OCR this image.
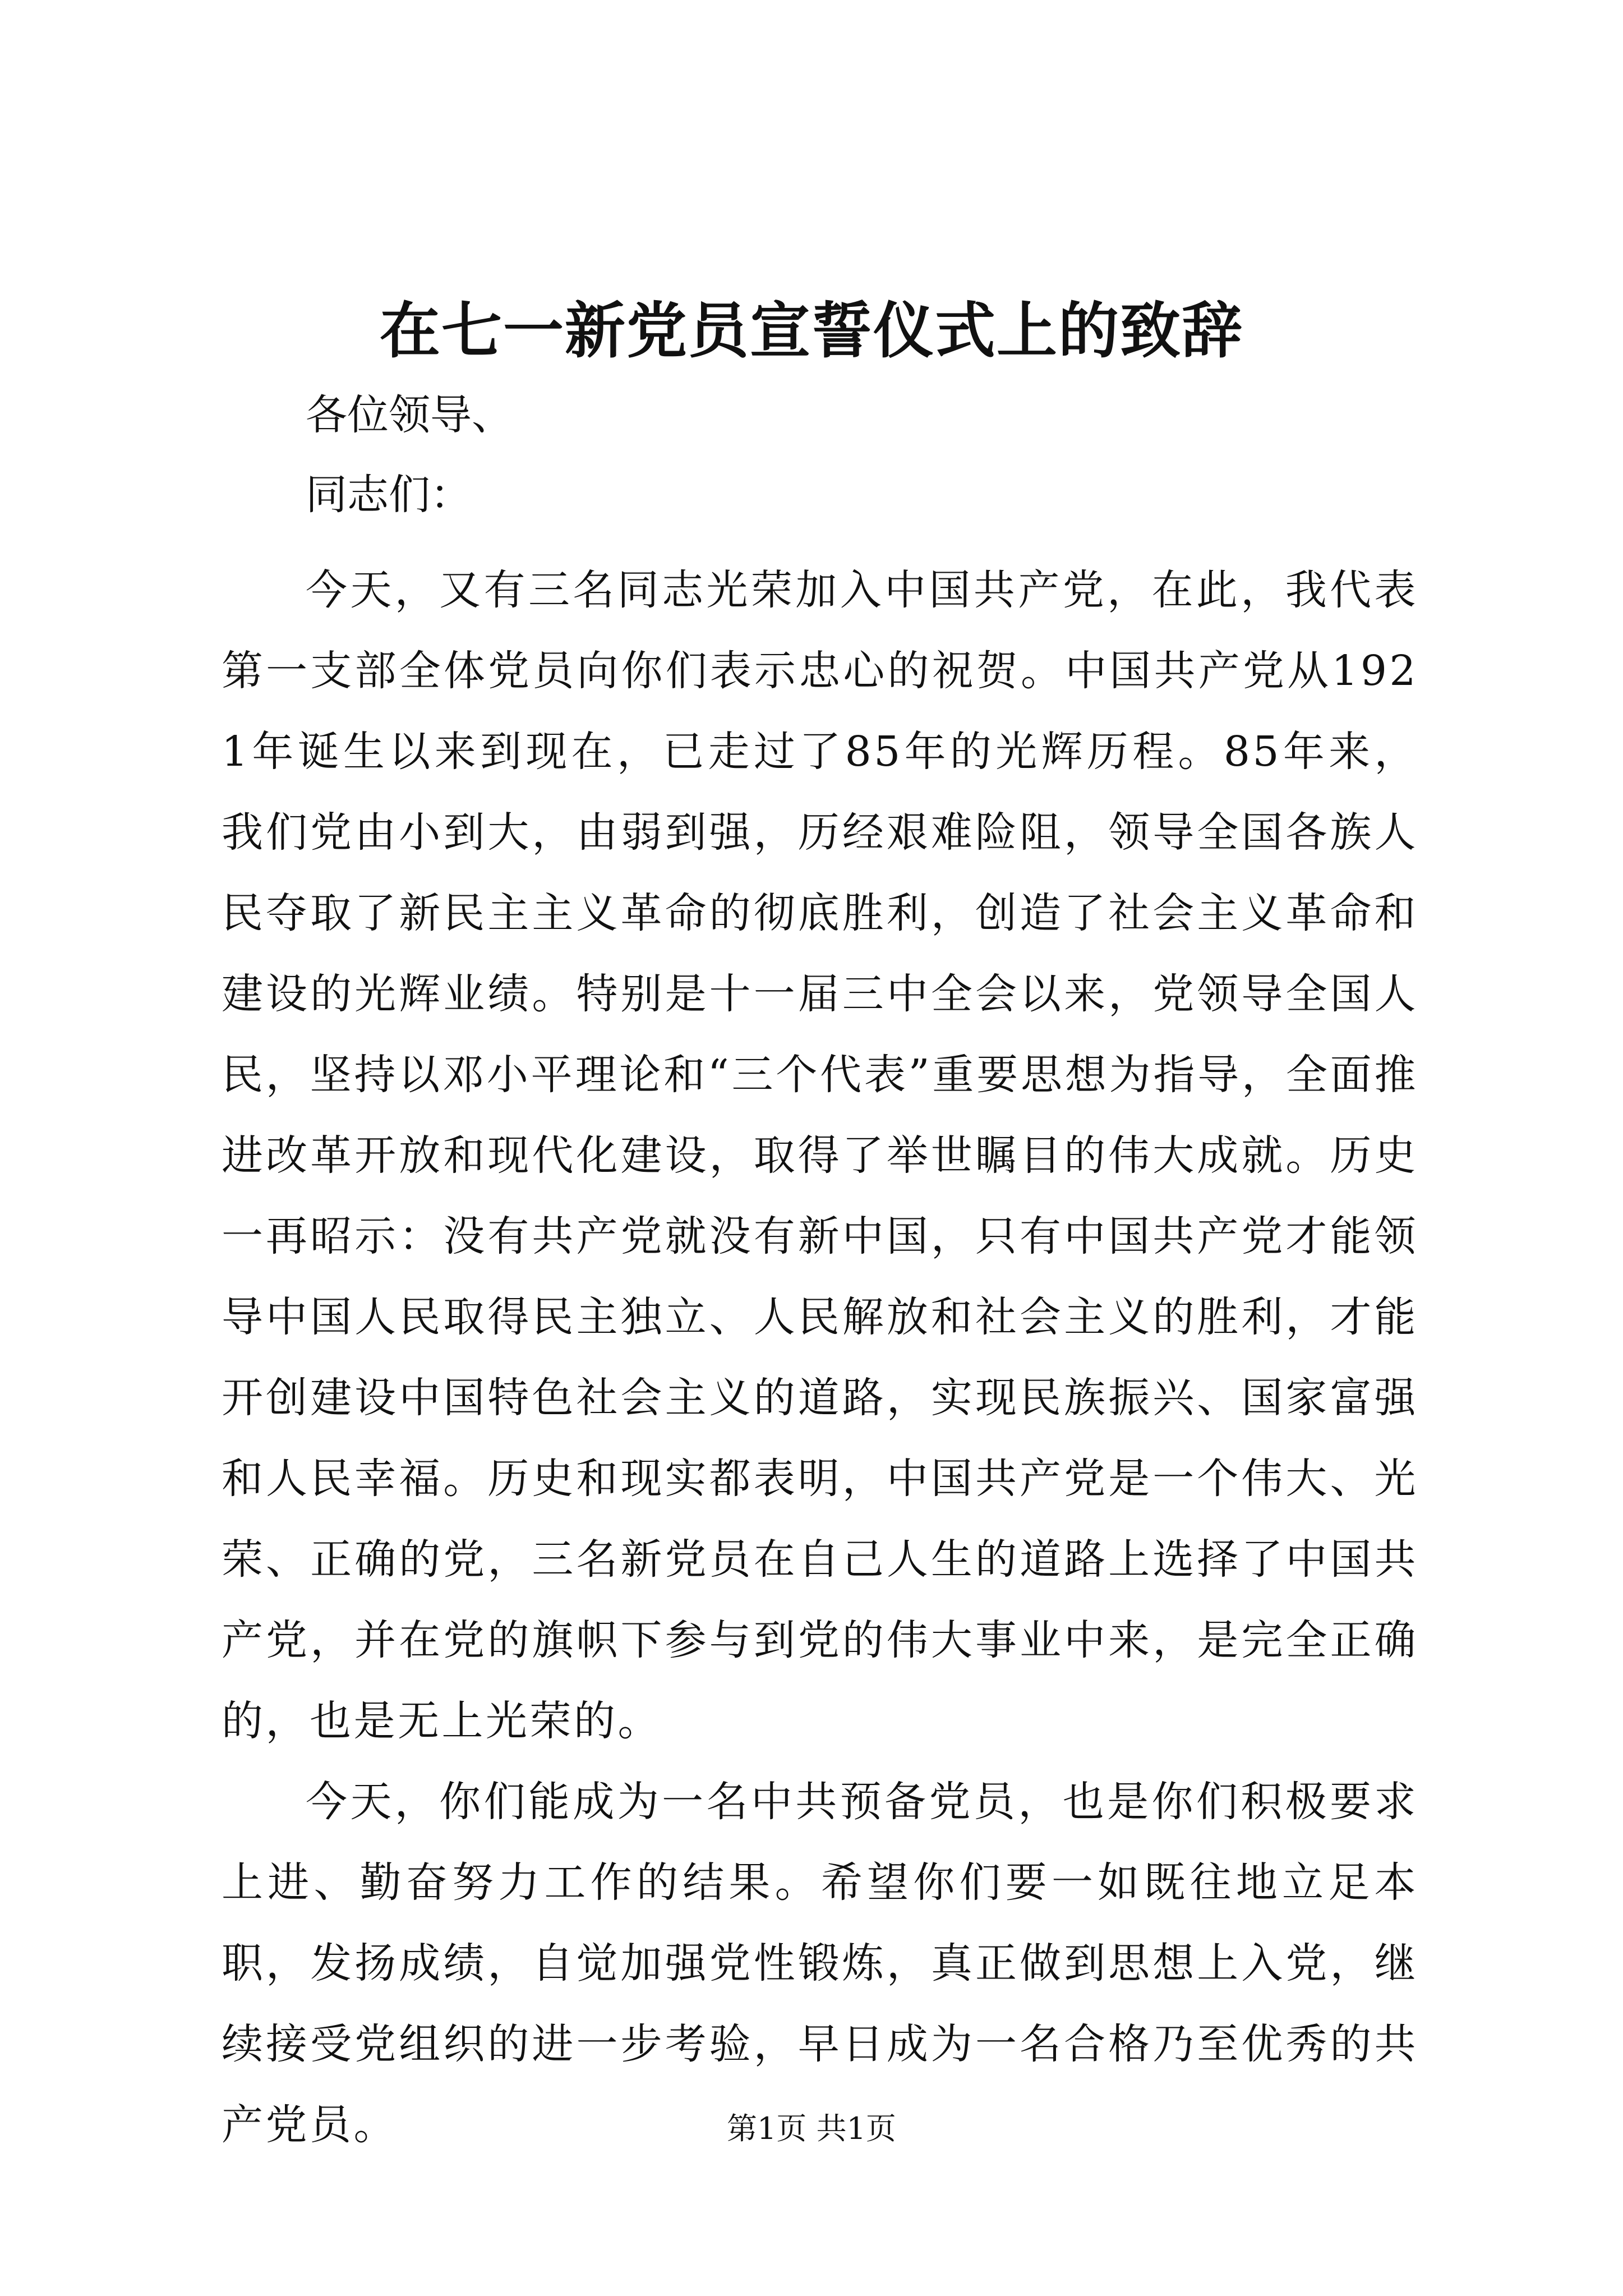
在七一新党员宣誓仪式上的致辞

各位领导、

同志们：

今天，又有三名同志光荣加入中国共产党，在此，我代表第一支部全体党员向你们表示忠心的祝贺。中国共产党从1921年诞生以来到现在，已走过了85年的光辉历程。85年来，我们党由小到大，由弱到强，历经艰难险阻，领导全国各族人民夺取了新民主主义革命的彻底胜利，创造了社会主义革命和建设的光辉业绩。特别是十一届三中全会以来，党领导全国人民，坚持以邓小平理论和“三个代表”重要思想为指导，全面推进改革开放和现代化建设，取得了举世瞩目的伟大成就。历史一再昭示：没有共产党就没有新中国，只有中国共产党才能领导中国人民取得民主独立、人民解放和社会主义的胜利，才能开创建设中国特色社会主义的道路，实现民族振兴、国家富强和人民幸福。历史和现实都表明，中国共产党是一个伟大、光荣、正确的党，三名新党员在自己人生的道路上选择了中国共产党，并在党的旗帜下参与到党的伟大事业中来，是完全正确的，也是无上光荣的。

今天，你们能成为一名中共预备党员，也是你们积极要求上进、勤奋努力工作的结果。希望你们要一如既往地立足本职，发扬成绩，自觉加强党性锻炼，真正做到思想上入党，继续接受党组织的进一步考验，早日成为一名合格乃至优秀的共产党员。	第1页 共1页
